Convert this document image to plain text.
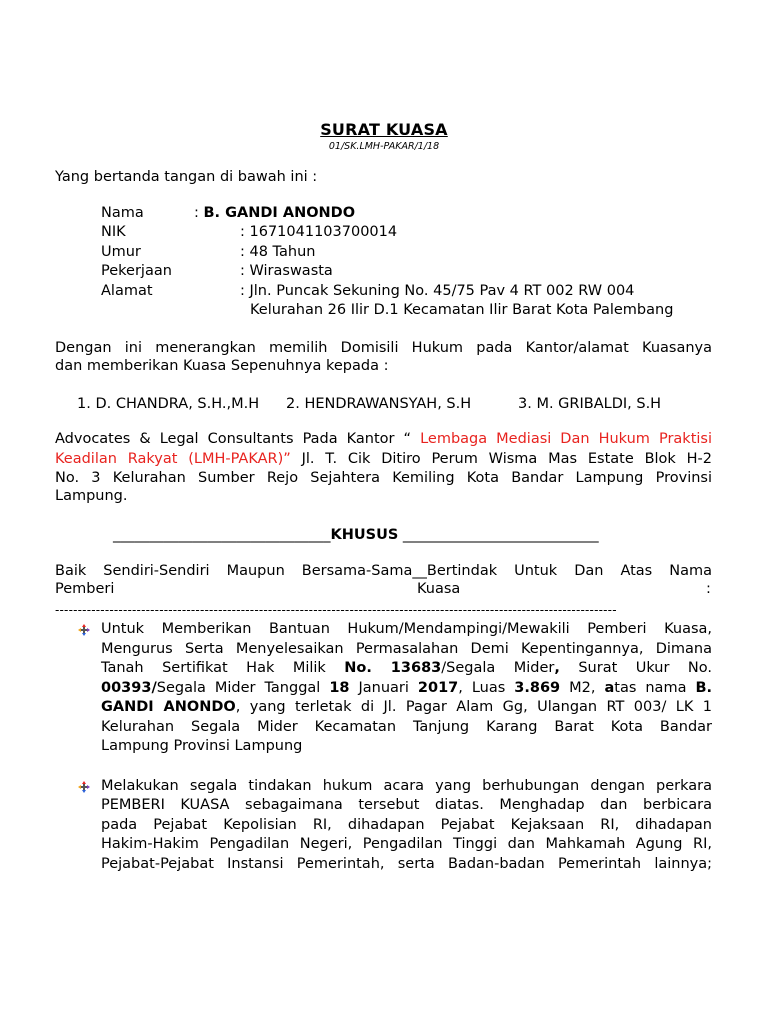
SURAT KUASA
01/SK.LMH-PAKAR/1/18
Yang bertanda tangan di bawah ini :
Nama	: B. GANDI ANONDO
NIK	: 1671041103700014
Umur	: 48 Tahun
Pekerjaan	: Wiraswasta
Alamat	: Jln. Puncak Sekuning No. 45/75 Pav 4 RT 002 RW 004
Kelurahan 26 Ilir D.1 Kecamatan Ilir Barat Kota Palembang
Dengan ini menerangkan memilih Domisili Hukum pada Kantor/alamat Kuasanya
dan memberikan Kuasa Sepenuhnya kepada :
1. D. CHANDRA, S.H.,M.H 2. HENDRAWANSYAH, S.H	3. M. GRIBALDI, S.H
Advocates & Legal Consultants Pada Kantor “ Lembaga Mediasi Dan Hukum Praktisi
Keadilan Rakyat (LMH-PAKAR)” Jl. T. Cik Ditiro Perum Wisma Mas Estate Blok H-2
No. 3 Kelurahan Sumber Rejo Sejahtera Kemiling Kota Bandar Lampung Provinsi
Lampung.
______________________________KHUSUS ___________________________
Baik Sendiri-Sendiri Maupun Bersama-Sama__Bertindak Untuk Dan Atas Nama
Pemberi	Kuasa	:
----------------------------------------------------------------------------------------------------------------------------
Untuk Memberikan Bantuan Hukum/Mendampingi/Mewakili Pemberi Kuasa,
Mengurus Serta Menyelesaikan Permasalahan Demi Kepentingannya, Dimana
Tanah Sertifikat Hak Milik No. 13683/Segala Mider, Surat Ukur No.
00393/Segala Mider Tanggal 18 Januari 2017, Luas 3.869 M2, atas nama B.
GANDI ANONDO, yang terletak di Jl. Pagar Alam Gg, Ulangan RT 003/ LK 1
Kelurahan Segala Mider Kecamatan Tanjung Karang Barat Kota Bandar
Lampung Provinsi Lampung
Melakukan segala tindakan hukum acara yang berhubungan dengan perkara
PEMBERI KUASA sebagaimana tersebut diatas. Menghadap dan berbicara
pada Pejabat Kepolisian RI, dihadapan Pejabat Kejaksaan RI, dihadapan
Hakim-Hakim Pengadilan Negeri, Pengadilan Tinggi dan Mahkamah Agung RI,
Pejabat-Pejabat Instansi Pemerintah, serta Badan-badan Pemerintah lainnya;
